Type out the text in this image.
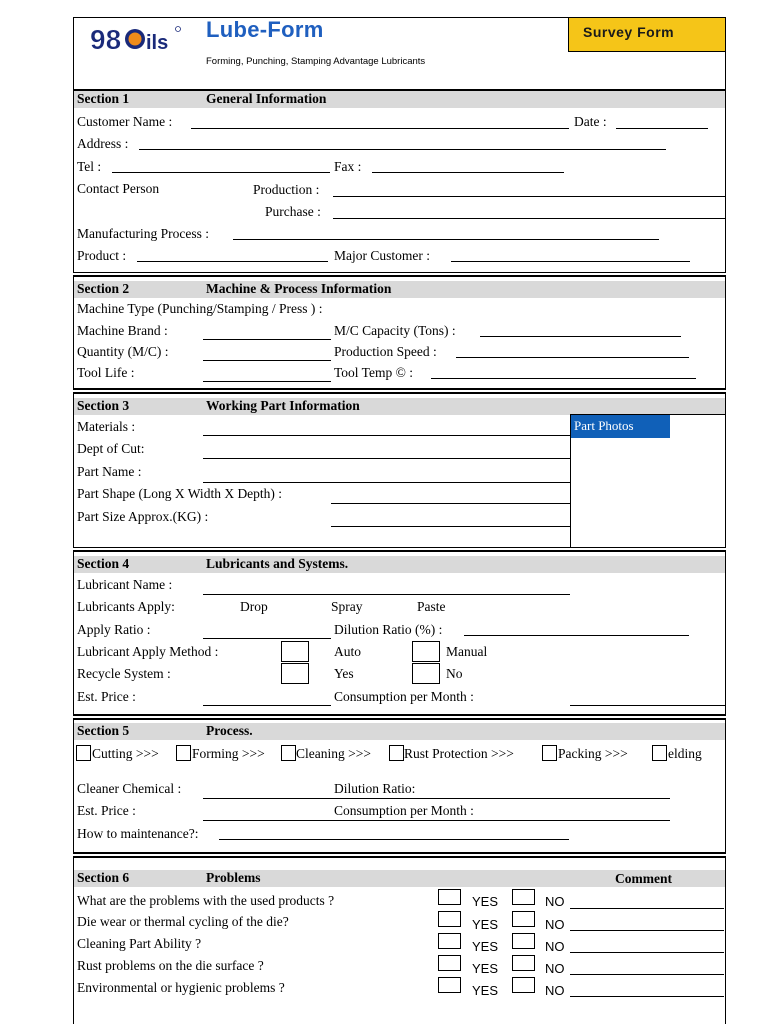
Survey Form
98 ils
Lube-Form
Forming, Punching, Stamping Advantage Lubricants
Section 1	General Information
Customer Name :	Date :
Address :
Tel :	Fax :
Contact Person	Production :
Purchase :
Manufacturing Process :
Product :	Major Customer :
Section 2	Machine & Process Information
Machine Type (Punching/Stamping / Press ) :
Machine Brand :	M/C Capacity (Tons) :
Quantity (M/C) :	Production Speed :
Tool Life :	Tool Temp © :
Section 3	Working Part Information
Materials :
Dept of Cut:
Part Name :
Part Shape (Long X Width X Depth) :
Part Size Approx.(KG) :
Part Photos
Section 4	Lubricants and Systems.
Lubricant Name :
Lubricants Apply:	Drop	Spray	Paste
Apply Ratio :	Dilution Ratio (%) :
Lubricant Apply Method :	Auto	Manual
Recycle System :	Yes	No
Est. Price :	Consumption per Month :
Section 5	Process.
Cutting >>> Forming >>> Cleaning >>> Rust Protection >>>	Packing >>>	elding
Cleaner Chemical :	Dilution Ratio:
Est. Price :	Consumption per Month :
How to maintenance?:
Section 6	Problems	Comment
What are the problems with the used products ?	YES	NO
Die wear or thermal cycling of the die?	YES	NO
Cleaning Part Ability ?	YES	NO
Rust problems on the die surface ?	YES	NO
Environmental or hygienic problems ?	YES	NO
